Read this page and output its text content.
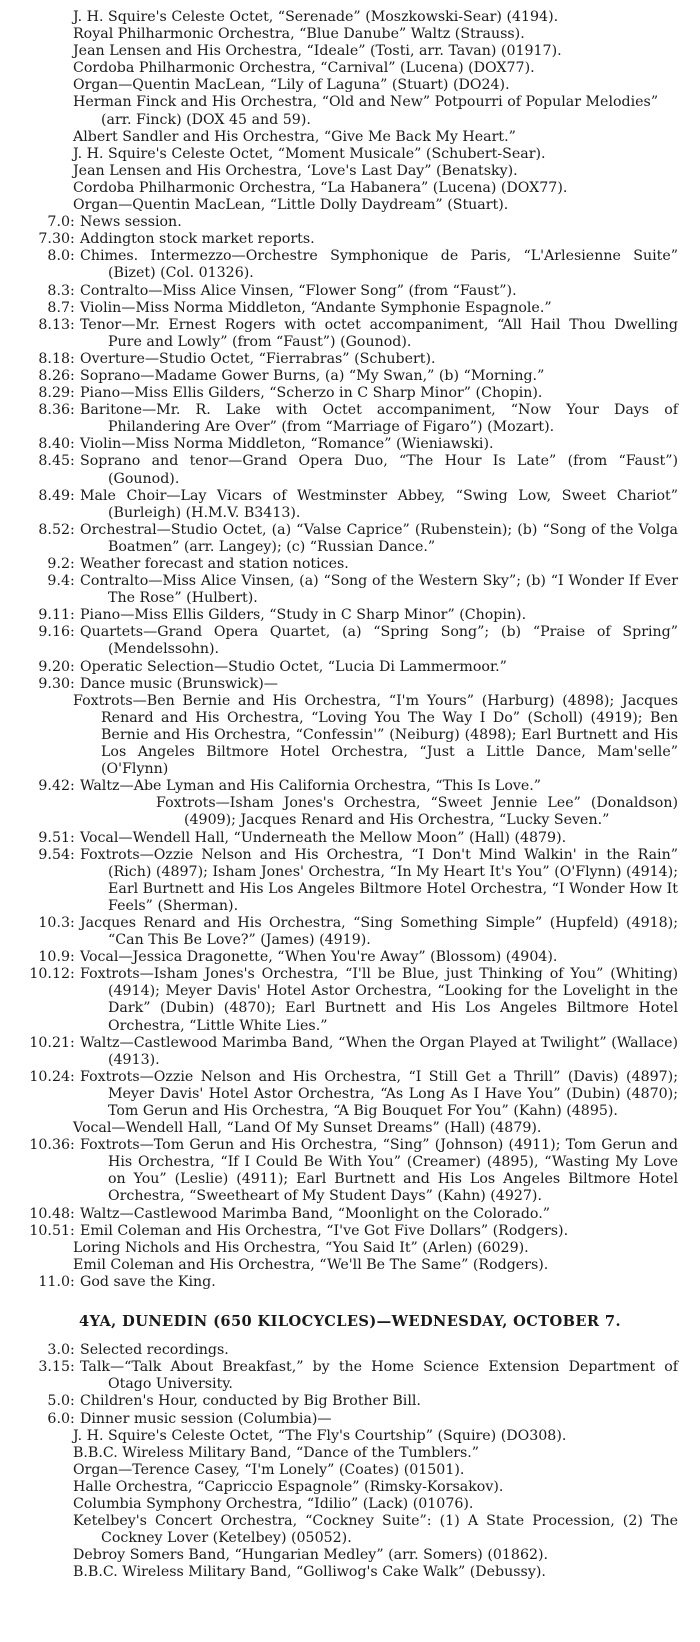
J. H. Squire's Celeste Octet, “Serenade” (Moszkowski-Sear) (4194).
Royal Philharmonic Orchestra, “Blue Danube” Waltz (Strauss).
Jean Lensen and His Orchestra, “Ideale” (Tosti, arr. Tavan) (01917).
Cordoba Philharmonic Orchestra, “Carnival” (Lucena) (DOX77).
Organ—Quentin MacLean, “Lily of Laguna” (Stuart) (DO24).
Herman Finck and His Orchestra, “Old and New” Potpourri of Popular Melodies” (arr. Finck) (DOX 45 and 59).
Albert Sandler and His Orchestra, “Give Me Back My Heart.”
J. H. Squire's Celeste Octet, “Moment Musicale” (Schubert-Sear).
Jean Lensen and His Orchestra, ‘Love's Last Day” (Benatsky).
Cordoba Philharmonic Orchestra, “La Habanera” (Lucena) (DOX77).
Organ—Quentin MacLean, “Little Dolly Daydream” (Stuart).
7.0 : News session.
7.30 : Addington stock market reports.
8.0 : Chimes. Intermezzo—Orchestre Symphonique de Paris, “L'Arlesienne Suite” (Bizet) (Col. 01326).
8.3 : Contralto—Miss Alice Vinsen, “Flower Song” (from “Faust”).
8.7 : Violin—Miss Norma Middleton, “Andante Symphonie Espagnole.”
8.13 : Tenor—Mr. Ernest Rogers with octet accompaniment, “All Hail Thou Dwelling Pure and Lowly” (from “Faust”) (Gounod).
8.18 : Overture—Studio Octet, “Fierrabras” (Schubert).
8.26 : Soprano—Madame Gower Burns, (a) “My Swan,” (b) “Morning.”
8.29 : Piano—Miss Ellis Gilders, “Scherzo in C Sharp Minor” (Chopin).
8.36 : Baritone—Mr. R. Lake with Octet accompaniment, “Now Your Days of Philandering Are Over” (from “Marriage of Figaro”) (Mozart).
8.40 : Violin—Miss Norma Middleton, “Romance” (Wieniawski).
8.45 : Soprano and tenor—Grand Opera Duo, “The Hour Is Late” (from “Faust”) (Gounod).
8.49 : Male Choir—Lay Vicars of Westminster Abbey, “Swing Low, Sweet Chariot” (Burleigh) (H.M.V. B3413).
8.52 : Orchestral—Studio Octet, (a) “Valse Caprice” (Rubenstein); (b) “Song of the Volga Boatmen” (arr. Langey); (c) “Russian Dance.”
9.2 : Weather forecast and station notices.
9.4 : Contralto—Miss Alice Vinsen, (a) “Song of the Western Sky”; (b) “I Wonder If Ever The Rose” (Hulbert).
9.11 : Piano—Miss Ellis Gilders, “Study in C Sharp Minor” (Chopin).
9.16 : Quartets—Grand Opera Quartet, (a) “Spring Song”; (b) “Praise of Spring” (Mendelssohn).
9.20 : Operatic Selection—Studio Octet, “Lucia Di Lammermoor.”
9.30 : Dance music (Brunswick)—
Foxtrots—Ben Bernie and His Orchestra, “I'm Yours” (Harburg) (4898); Jacques Renard and His Orchestra, “Loving You The Way I Do” (Scholl) (4919); Ben Bernie and His Orchestra, “Confessin'” (Neiburg) (4898); Earl Burtnett and His Los Angeles Biltmore Hotel Orchestra, “Just a Little Dance, Mam'selle” (O'Flynn)
9.42 : Waltz—Abe Lyman and His California Orchestra, “This Is Love.”
Foxtrots—Isham Jones's Orchestra, “Sweet Jennie Lee” (Donaldson) (4909); Jacques Renard and His Orchestra, “Lucky Seven.”
9.51 : Vocal—Wendell Hall, “Underneath the Mellow Moon” (Hall) (4879).
9.54 : Foxtrots—Ozzie Nelson and His Orchestra, “I Don't Mind Walkin' in the Rain” (Rich) (4897); Isham Jones' Orchestra, “In My Heart It's You” (O'Flynn) (4914); Earl Burtnett and His Los Angeles Biltmore Hotel Orchestra, “I Wonder How It Feels” (Sherman).
10.3 : Jacques Renard and His Orchestra, “Sing Something Simple” (Hupfeld) (4918); “Can This Be Love?” (James) (4919).
10.9 : Vocal—Jessica Dragonette, “When You're Away” (Blossom) (4904).
10.12 : Foxtrots—Isham Jones's Orchestra, “I'll be Blue, just Thinking of You” (Whiting) (4914); Meyer Davis' Hotel Astor Orchestra, “Looking for the Lovelight in the Dark” (Dubin) (4870); Earl Burtnett and His Los Angeles Biltmore Hotel Orchestra, “Little White Lies.”
10.21 : Waltz—Castlewood Marimba Band, “When the Organ Played at Twilight” (Wallace) (4913).
10.24 : Foxtrots—Ozzie Nelson and His Orchestra, “I Still Get a Thrill” (Davis) (4897); Meyer Davis' Hotel Astor Orchestra, “As Long As I Have You” (Dubin) (4870); Tom Gerun and His Orchestra, “A Big Bouquet For You” (Kahn) (4895).
Vocal—Wendell Hall, “Land Of My Sunset Dreams” (Hall) (4879).
10.36 : Foxtrots—Tom Gerun and His Orchestra, “Sing” (Johnson) (4911); Tom Gerun and His Orchestra, “If I Could Be With You” (Creamer) (4895), “Wasting My Love on You” (Leslie) (4911); Earl Burtnett and His Los Angeles Biltmore Hotel Orchestra, “Sweetheart of My Student Days” (Kahn) (4927).
10.48 : Waltz—Castlewood Marimba Band, “Moonlight on the Colorado.”
10.51 : Emil Coleman and His Orchestra, “I've Got Five Dollars” (Rodgers).
Loring Nichols and His Orchestra, “You Said It” (Arlen) (6029).
Emil Coleman and His Orchestra, “We'll Be The Same” (Rodgers).
11.0 : God save the King.
4YA, DUNEDIN (650 KILOCYCLES)—WEDNESDAY, OCTOBER 7.
3.0 : Selected recordings.
3.15 : Talk—“Talk About Breakfast,” by the Home Science Extension Department of Otago University.
5.0 : Children's Hour, conducted by Big Brother Bill.
6.0 : Dinner music session (Columbia)—
J. H. Squire's Celeste Octet, “The Fly's Courtship” (Squire) (DO308).
B.B.C. Wireless Military Band, “Dance of the Tumblers.”
Organ—Terence Casey, “I'm Lonely” (Coates) (01501).
Halle Orchestra, “Capriccio Espagnole” (Rimsky-Korsakov).
Columbia Symphony Orchestra, “Idilio” (Lack) (01076).
Ketelbey's Concert Orchestra, “Cockney Suite”: (1) A State Procession, (2) The Cockney Lover (Ketelbey) (05052).
Debroy Somers Band, “Hungarian Medley” (arr. Somers) (01862).
B.B.C. Wireless Military Band, “Golliwog's Cake Walk” (Debussy).
